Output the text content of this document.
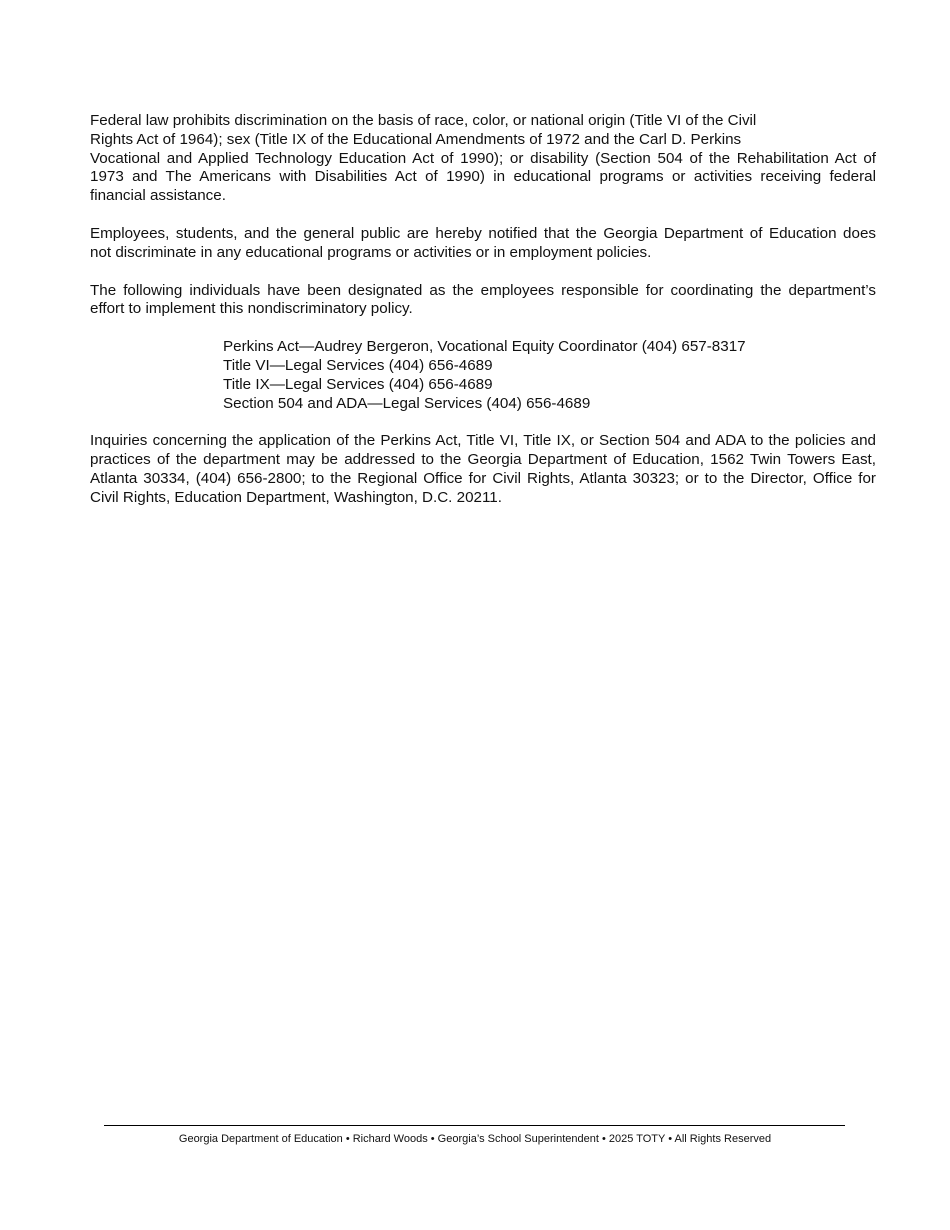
Federal law prohibits discrimination on the basis of race, color, or national origin (Title VI of the Civil
Rights Act of 1964); sex (Title IX of the Educational Amendments of 1972 and the Carl D. Perkins
Vocational and Applied Technology Education Act of 1990); or disability (Section 504 of the Rehabilitation Act of
1973 and The Americans with Disabilities Act of 1990) in educational programs or activities receiving federal
financial assistance.
Employees, students, and the general public are hereby notified that the Georgia Department of Education does
not discriminate in any educational programs or activities or in employment policies.
The following individuals have been designated as the employees responsible for coordinating the department’s
effort to implement this nondiscriminatory policy.
Perkins Act—Audrey Bergeron, Vocational Equity Coordinator (404) 657-8317
Title VI—Legal Services (404) 656-4689
Title IX—Legal Services (404) 656-4689
Section 504 and ADA—Legal Services (404) 656-4689
Inquiries concerning the application of the Perkins Act, Title VI, Title IX, or Section 504 and ADA to the policies and
practices of the department may be addressed to the Georgia Department of Education, 1562 Twin Towers East,
Atlanta 30334, (404) 656-2800; to the Regional Office for Civil Rights, Atlanta 30323; or to the Director, Office for
Civil Rights, Education Department, Washington, D.C. 20211.
Georgia Department of Education • Richard Woods • Georgia’s School Superintendent • 2025 TOTY • All Rights Reserved
